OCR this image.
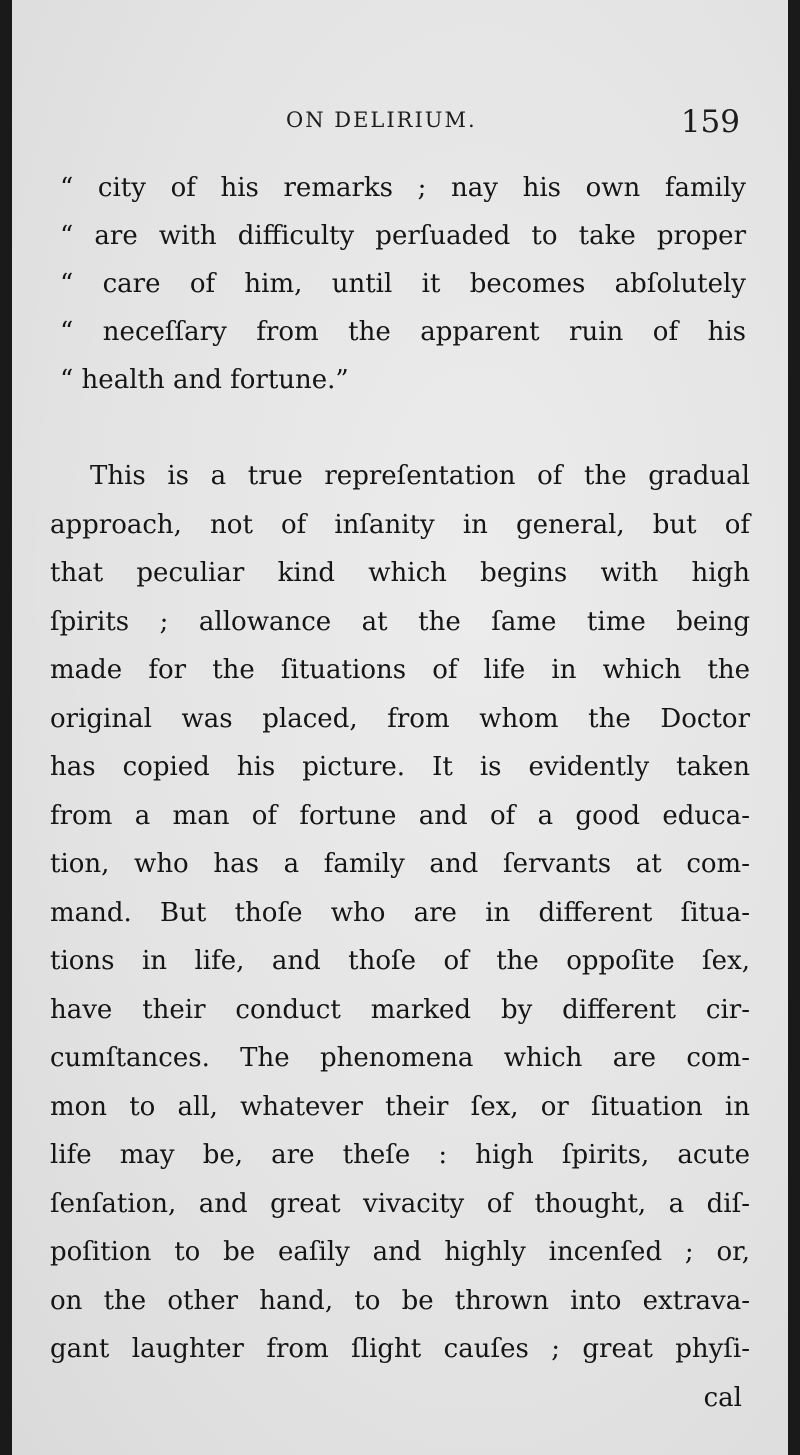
ON DELIRIUM.	159
“ city of his remarks ; nay his own family
“ are with difficulty perſuaded to take proper
“ care of him, until it becomes abſolutely
“ neceſſary from the apparent ruin of his
“ health and fortune.”
This is a true repreſentation of the gradual
approach, not of inſanity in general, but of
that peculiar kind which begins with high
ſpirits ; allowance at the ſame time being
made for the ſituations of life in which the
original was placed, from whom the Doctor
has copied his picture. It is evidently taken
from a man of fortune and of a good educa-
tion, who has a family and ſervants at com-
mand. But thoſe who are in different ſitua-
tions in life, and thoſe of the oppoſite ſex,
have their conduct marked by different cir-
cumſtances. The phenomena which are com-
mon to all, whatever their ſex, or ſituation in
life may be, are theſe : high ſpirits, acute
ſenſation, and great vivacity of thought, a diſ-
poſition to be eaſily and highly incenſed ; or,
on the other hand, to be thrown into extrava-
gant laughter from ſlight cauſes ; great phyſi-
cal
